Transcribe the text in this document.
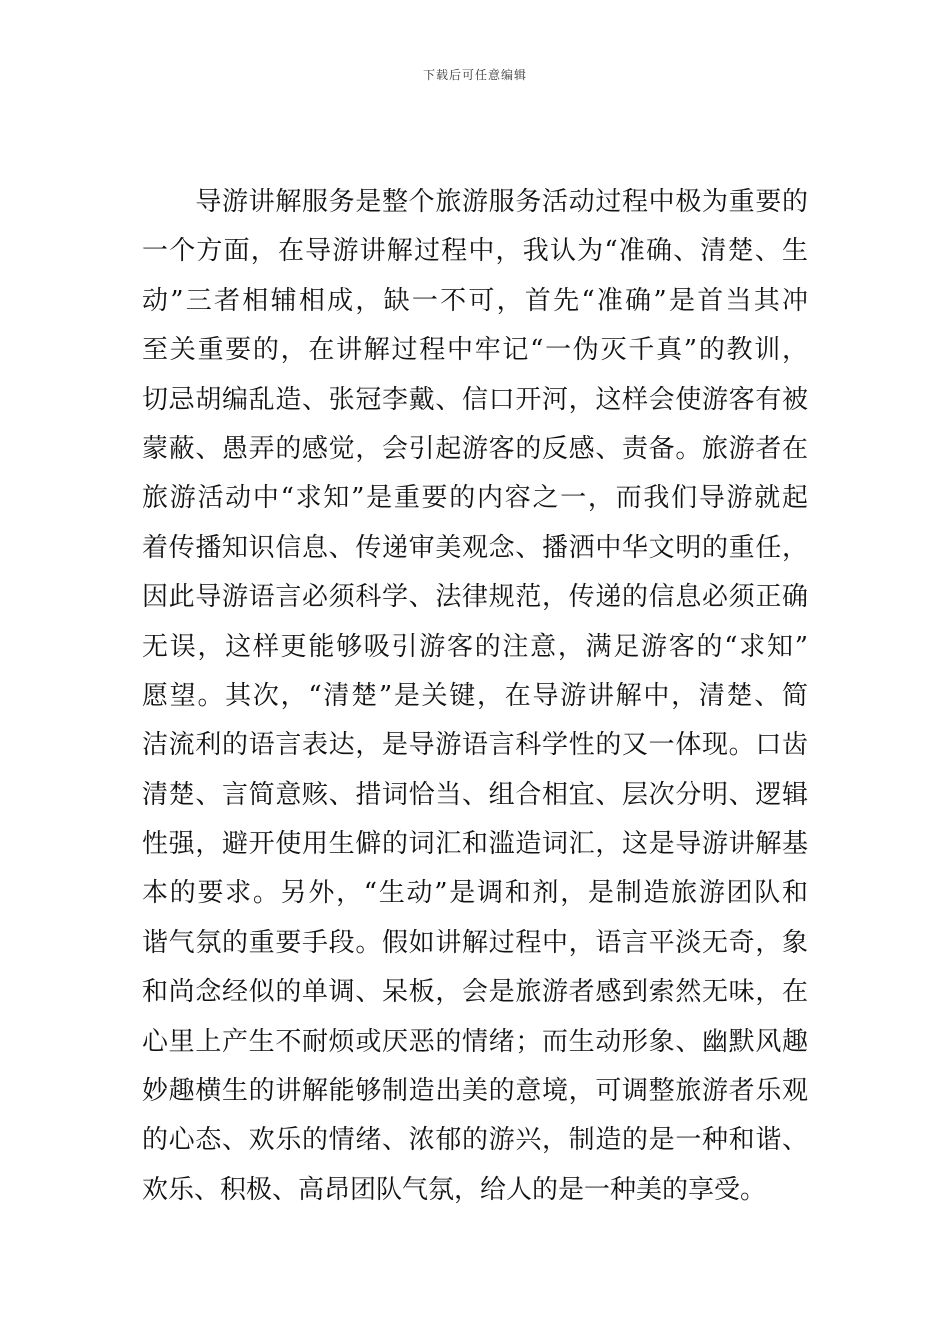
下载后可任意编辑
　　导游讲解服务是整个旅游服务活动过程中极为重要的
一个方面，在导游讲解过程中，我认为“准确、清楚、生
动”三者相辅相成，缺一不可，首先“准确”是首当其冲
至关重要的，在讲解过程中牢记“一伪灭千真”的教训，
切忌胡编乱造、张冠李戴、信口开河，这样会使游客有被
蒙蔽、愚弄的感觉，会引起游客的反感、责备。旅游者在
旅游活动中“求知”是重要的内容之一，而我们导游就起
着传播知识信息、传递审美观念、播洒中华文明的重任，
因此导游语言必须科学、法律规范，传递的信息必须正确
无误，这样更能够吸引游客的注意，满足游客的“求知”
愿望。其次，“清楚”是关键，在导游讲解中，清楚、简
洁流利的语言表达，是导游语言科学性的又一体现。口齿
清楚、言简意赅、措词恰当、组合相宜、层次分明、逻辑
性强，避开使用生僻的词汇和滥造词汇，这是导游讲解基
本的要求。另外，“生动”是调和剂，是制造旅游团队和
谐气氛的重要手段。假如讲解过程中，语言平淡无奇，象
和尚念经似的单调、呆板，会是旅游者感到索然无味，在
心里上产生不耐烦或厌恶的情绪；而生动形象、幽默风趣
妙趣横生的讲解能够制造出美的意境，可调整旅游者乐观
的心态、欢乐的情绪、浓郁的游兴，制造的是一种和谐、
欢乐、积极、高昂团队气氛，给人的是一种美的享受。
